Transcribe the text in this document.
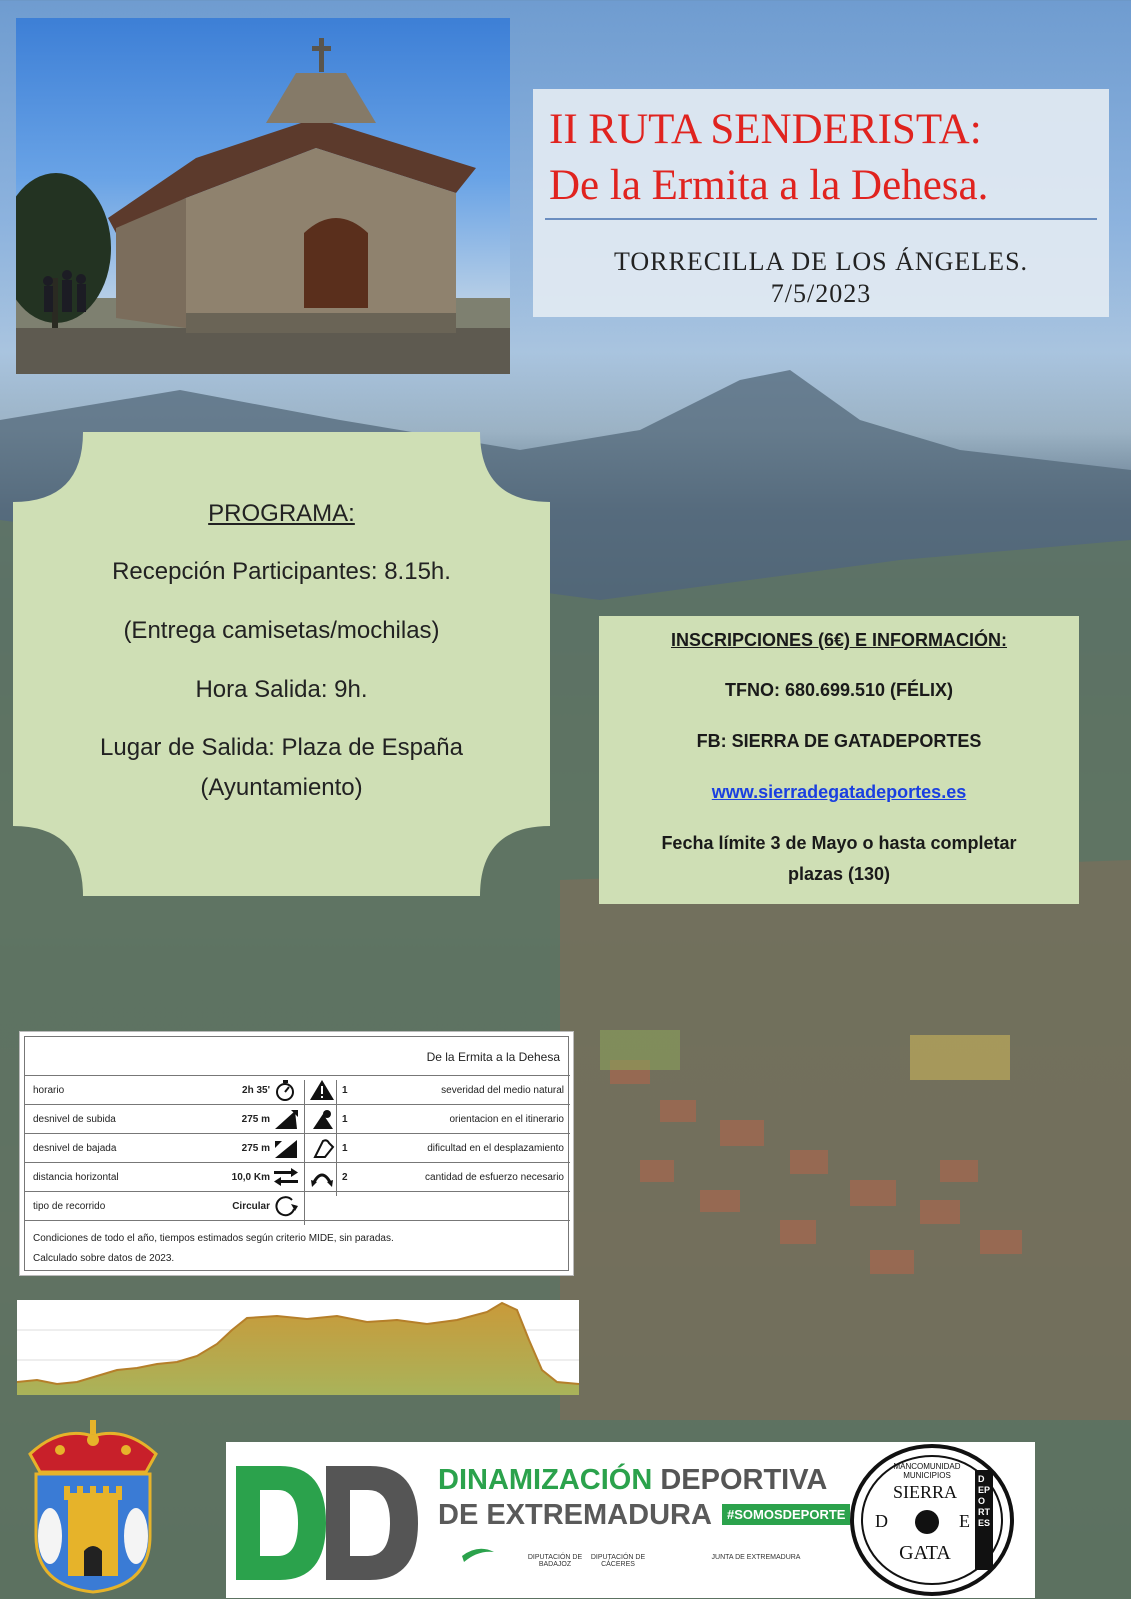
II RUTA SENDERISTA:
De la Ermita a la Dehesa.
TORRECILLA DE LOS ÁNGELES.
7/5/2023
PROGRAMA:
Recepción Participantes: 8.15h.
(Entrega camisetas/mochilas)
Hora Salida: 9h.
Lugar de Salida: Plaza de España
(Ayuntamiento)
INSCRIPCIONES (6€) E INFORMACIÓN:
TFNO: 680.699.510 (FÉLIX)
FB: SIERRA DE GATADEPORTES
www.sierradegatadeportes.es
Fecha límite 3 de Mayo o hasta completar
plazas (130)
De la Ermita a la Dehesa
horario	2h 35'	1	severidad del medio natural
desnivel de subida	275 m	1	orientacion en el itinerario
desnivel de bajada	275 m	1	dificultad en el desplazamiento
distancia horizontal	10,0 Km	2	cantidad de esfuerzo necesario
tipo de recorrido	Circular
Condiciones de todo el año, tiempos estimados según criterio MIDE, sin paradas.
Calculado sobre datos de 2023.
DINAMIZACIÓN DEPORTIVA
DE EXTREMADURA	#SOMOSDEPORTE
DIPUTACIÓN DE BADAJOZ
DIPUTACIÓN DE CÁCERES
JUNTA DE EXTREMADURA
MANCOMUNIDAD MUNICIPIOS
SIERRA
D	E
GATA
DEPORTES
